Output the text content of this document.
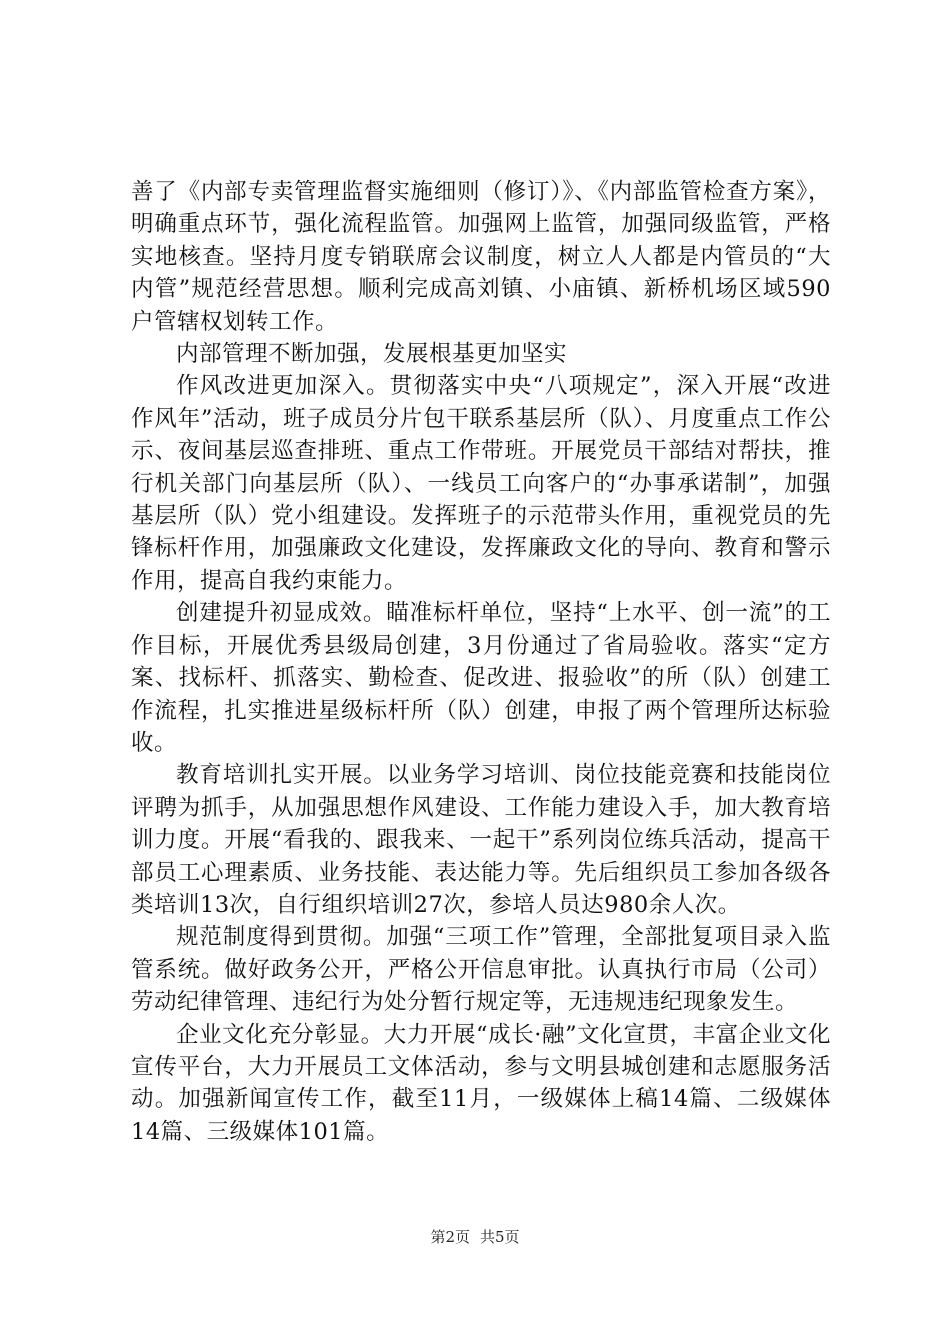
善了《内部专卖管理监督实施细则（修订）》、《内部监管检查方案》，明确重点环节，强化流程监管。加强网上监管，加强同级监管，严格实地核查。坚持月度专销联席会议制度，树立人人都是内管员的“大内管”规范经营思想。顺利完成高刘镇、小庙镇、新桥机场区域590户管辖权划转工作。

内部管理不断加强，发展根基更加坚实

作风改进更加深入。贯彻落实中央“八项规定”，深入开展“改进作风年”活动，班子成员分片包干联系基层所（队）、月度重点工作公示、夜间基层巡查排班、重点工作带班。开展党员干部结对帮扶，推行机关部门向基层所（队）、一线员工向客户的“办事承诺制”，加强基层所（队）党小组建设。发挥班子的示范带头作用，重视党员的先锋标杆作用，加强廉政文化建设，发挥廉政文化的导向、教育和警示作用，提高自我约束能力。

创建提升初显成效。瞄准标杆单位，坚持“上水平、创一流”的工作目标，开展优秀县级局创建，3月份通过了省局验收。落实“定方案、找标杆、抓落实、勤检查、促改进、报验收”的所（队）创建工作流程，扎实推进星级标杆所（队）创建，申报了两个管理所达标验收。

教育培训扎实开展。以业务学习培训、岗位技能竞赛和技能岗位评聘为抓手，从加强思想作风建设、工作能力建设入手，加大教育培训力度。开展“看我的、跟我来、一起干”系列岗位练兵活动，提高干部员工心理素质、业务技能、表达能力等。先后组织员工参加各级各类培训13次，自行组织培训27次，参培人员达980余人次。

规范制度得到贯彻。加强“三项工作”管理，全部批复项目录入监管系统。做好政务公开，严格公开信息审批。认真执行市局（公司）劳动纪律管理、违纪行为处分暂行规定等，无违规违纪现象发生。

企业文化充分彰显。大力开展“成长·融”文化宣贯，丰富企业文化宣传平台，大力开展员工文体活动，参与文明县城创建和志愿服务活动。加强新闻宣传工作，截至11月，一级媒体上稿14篇、二级媒体14篇、三级媒体101篇。

第2页 共5页
